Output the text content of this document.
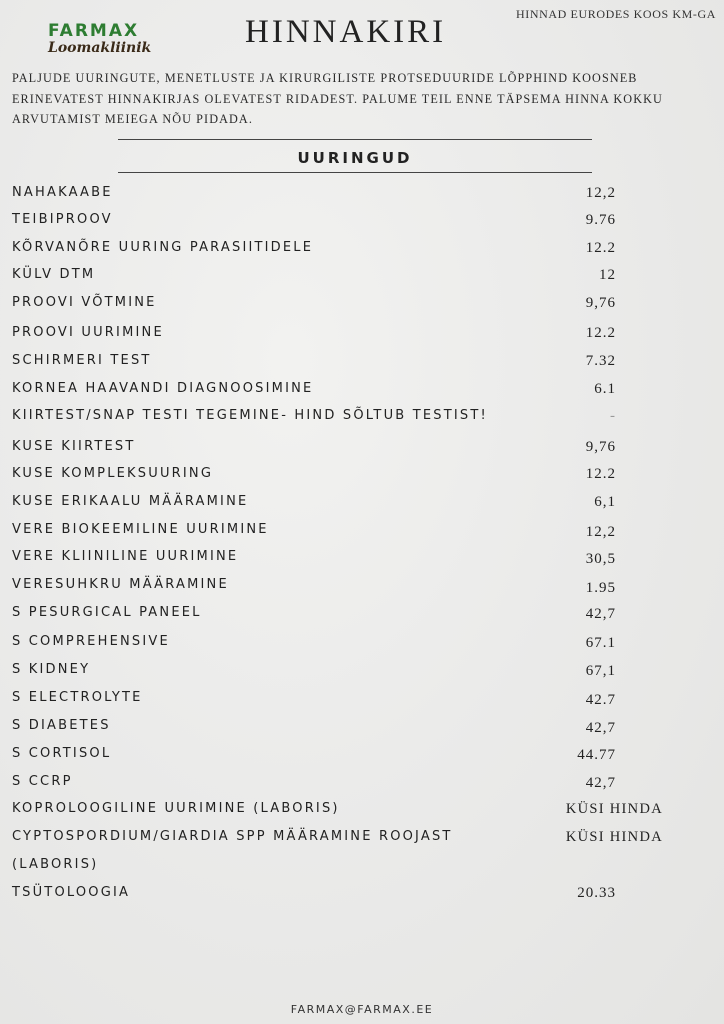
FARMAX
Loomakliinik	HINNAKIRI	HINNAD EURODES KOOS KM-GA
PALJUDE UURINGUTE, MENETLUSTE JA KIRURGILISTE PROTSEDUURIDE LÕPPHIND KOOSNEB ERINEVATEST HINNAKIRJAS OLEVATEST RIDADEST. PALUME TEIL ENNE TÄPSEMA HINNA KOKKU ARVUTAMIST MEIEGA NÕU PIDADA.
UURINGUD
NAHAKAABE	12,2
TEIBIPROOV	9.76
KÕRVANÕRE UURING PARASIITIDELE	12.2
KÜLV DTM	12
PROOVI VÕTMINE	9,76
PROOVI UURIMINE	12.2
SCHIRMERI TEST	7.32
KORNEA HAAVANDI DIAGNOOSIMINE	6.1
KIIRTEST/SNAP TESTI TEGEMINE- HIND SÕLTUB TESTIST!	-
KUSE KIIRTEST	9,76
KUSE KOMPLEKSUURING	12.2
KUSE ERIKAALU MÄÄRAMINE	6,1
VERE BIOKEEMILINE UURIMINE	12,2
VERE KLIINILINE UURIMINE	30,5
VERESUHKRU MÄÄRAMINE	1.95
S PESURGICAL PANEEL	42,7
S COMPREHENSIVE	67.1
S KIDNEY	67,1
S ELECTROLYTE	42.7
S DIABETES	42,7
S CORTISOL	44.77
S CCRP	42,7
KOPROLOOGILINE UURIMINE (LABORIS)	KÜSI HINDA
CYPTOSPORDIUM/GIARDIA SPP MÄÄRAMINE ROOJAST	KÜSI HINDA
(LABORIS)
TSÜTOLOOGIA	20.33
FARMAX@FARMAX.EE
